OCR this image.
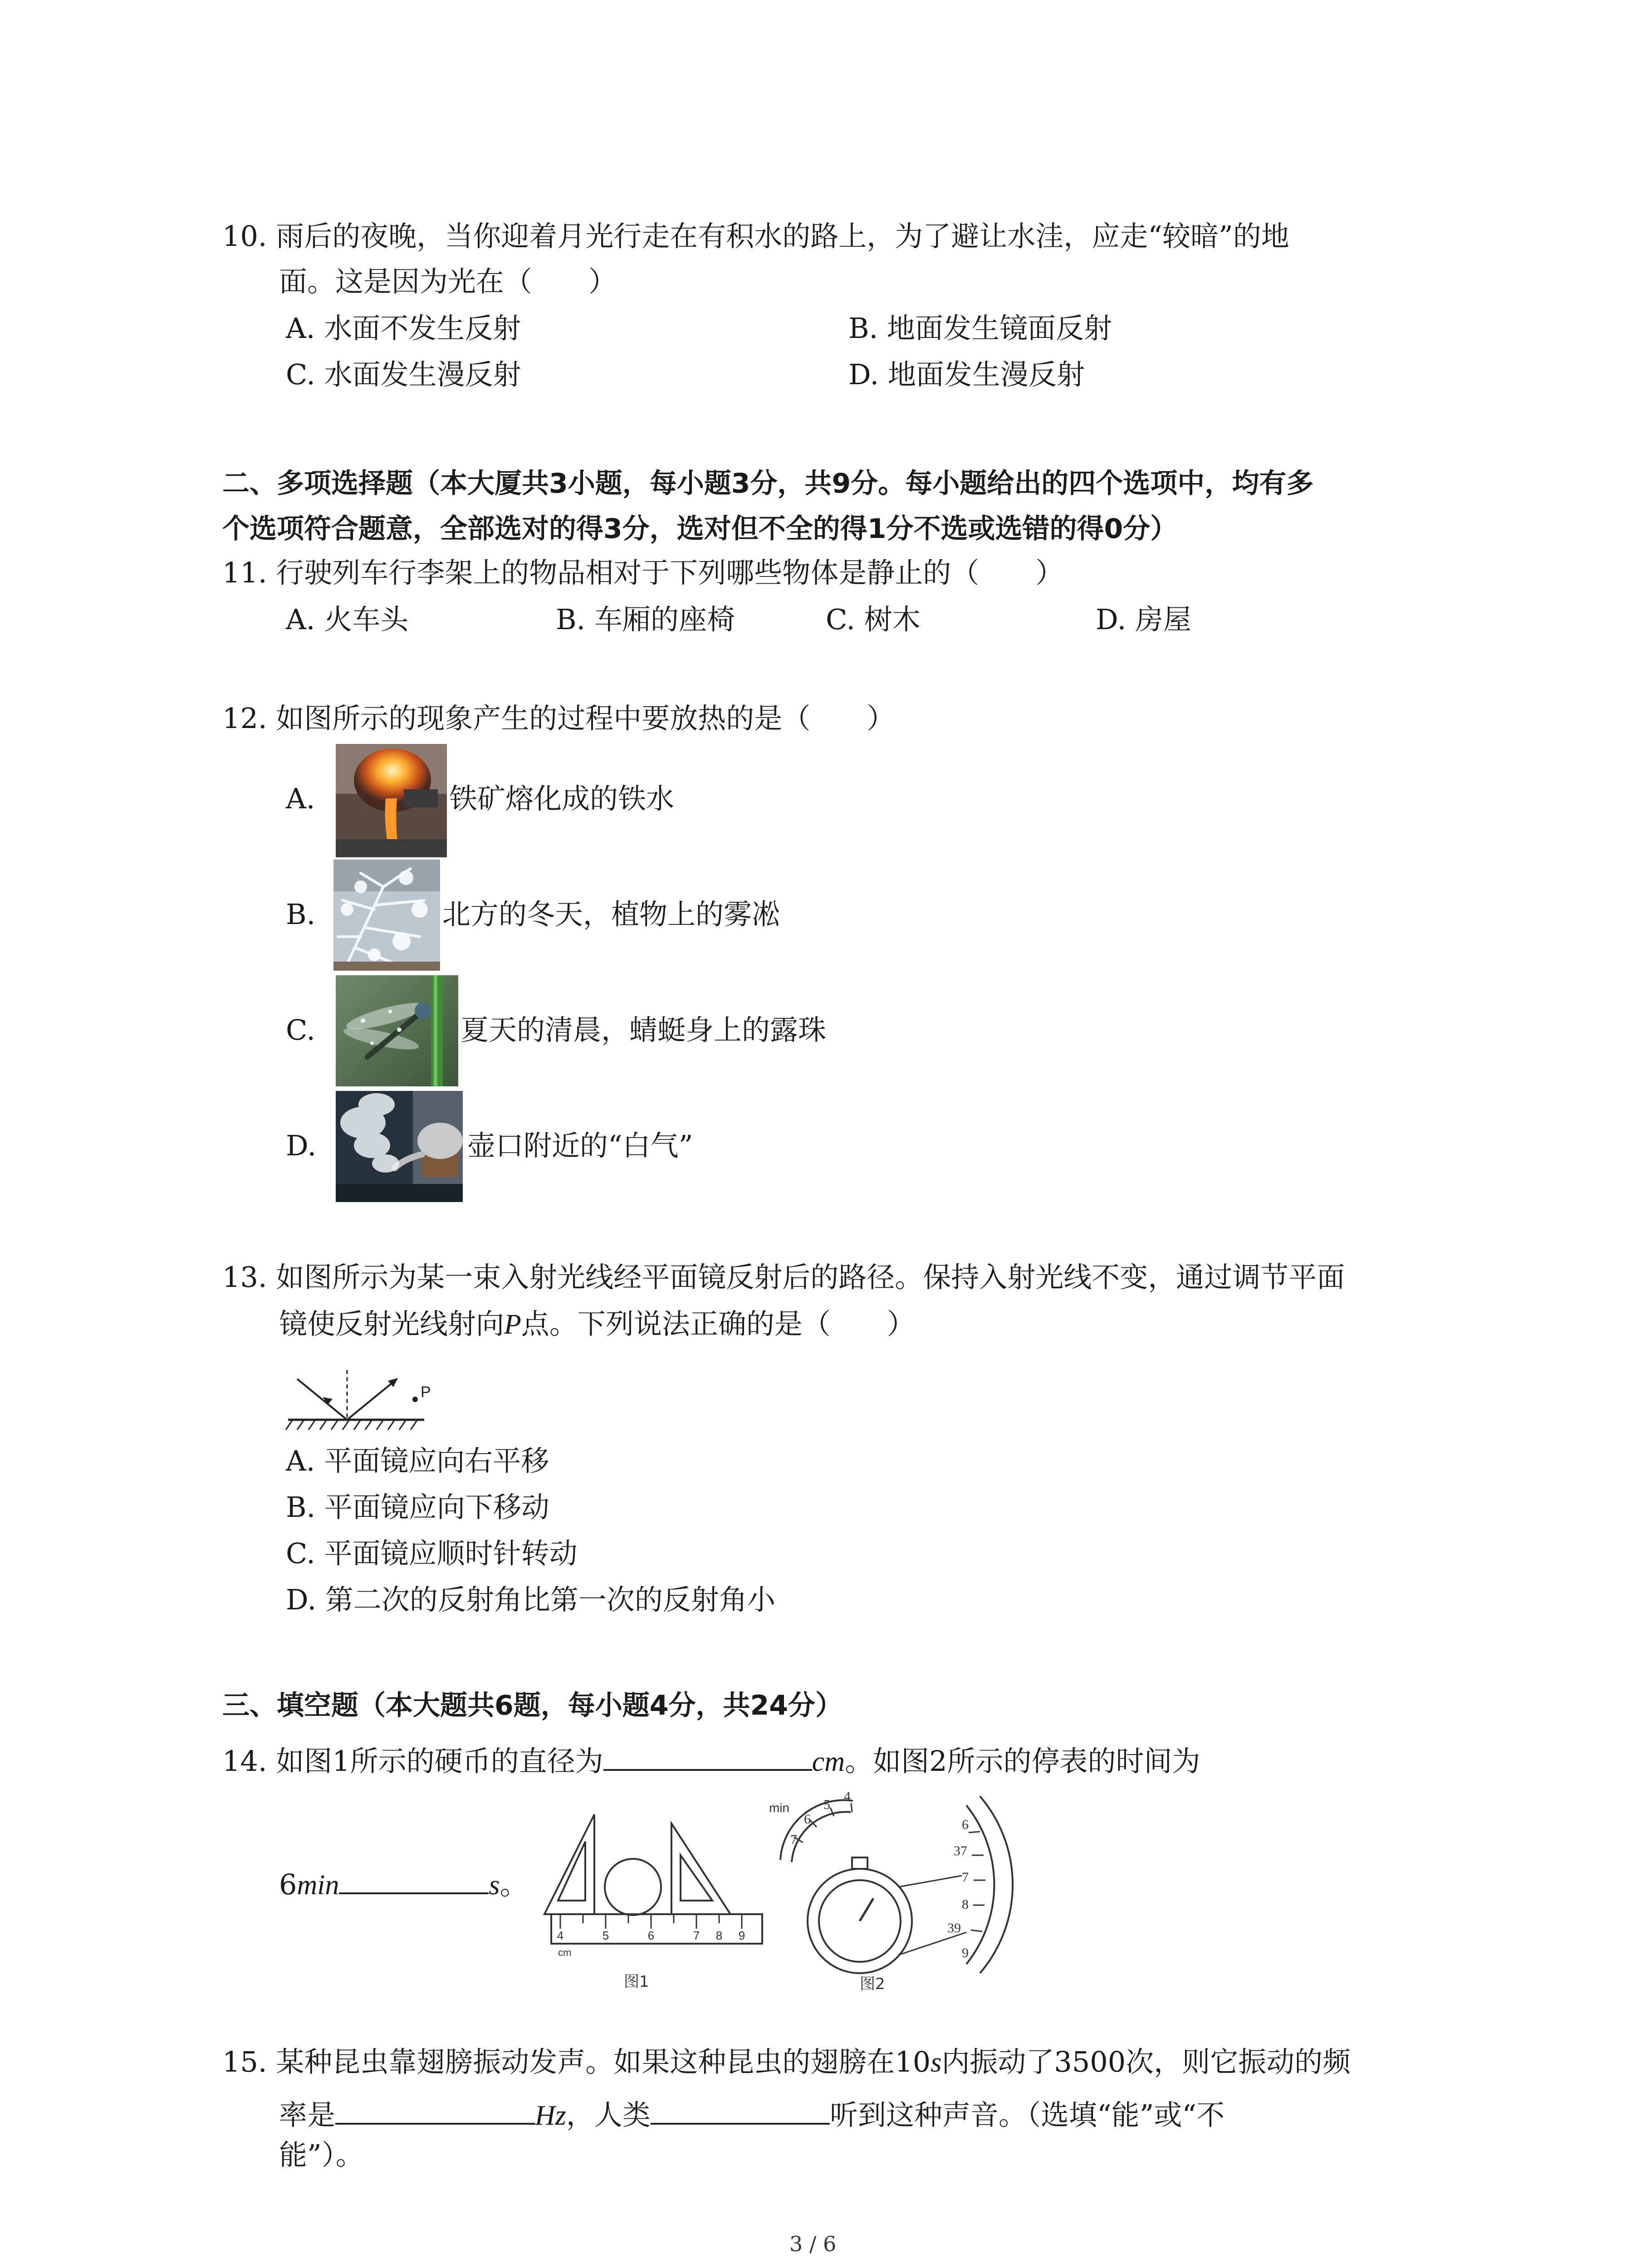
10. 雨后的夜晚，当你迎着月光行走在有积水的路上，为了避让水洼，应走“较暗”的地
面。这是因为光在（　　）
A. 水面不发生反射	B. 地面发生镜面反射
C. 水面发生漫反射	D. 地面发生漫反射
二、多项选择题（本大厦共3小题，每小题3分，共9分。每小题给出的四个选项中，均有多
个选项符合题意，全部选对的得3分，选对但不全的得1分不选或选错的得0分）
11. 行驶列车行李架上的物品相对于下列哪些物体是静止的（　　）
A. 火车头	B. 车厢的座椅	C. 树木	D. 房屋
12. 如图所示的现象产生的过程中要放热的是（　　）
A.	铁矿熔化成的铁水
B.	北方的冬天，植物上的雾凇
C.	夏天的清晨，蜻蜓身上的露珠
D.	壶口附近的“白气”
13. 如图所示为某一束入射光线经平面镜反射后的路径。保持入射光线不变，通过调节平面
镜使反射光线射向P点。下列说法正确的是（　　）
P
A. 平面镜应向右平移
B. 平面镜应向下移动
C. 平面镜应顺时针转动
D. 第二次的反射角比第一次的反射角小
三、填空题（本大题共6题，每小题4分，共24分）
14. 如图1所示的硬币的直径为	cm。如图2所示的停表的时间为
6min	s。
4	5	6	7 8 9
cm
图1
min
4
5
6
7
6
37
7
8
39
9
图2
15. 某种昆虫靠翅膀振动发声。如果这种昆虫的翅膀在10s内振动了3500次，则它振动的频
率是	Hz，人类	听到这种声音。（选填“能”或“不
能”）。
3 / 6
